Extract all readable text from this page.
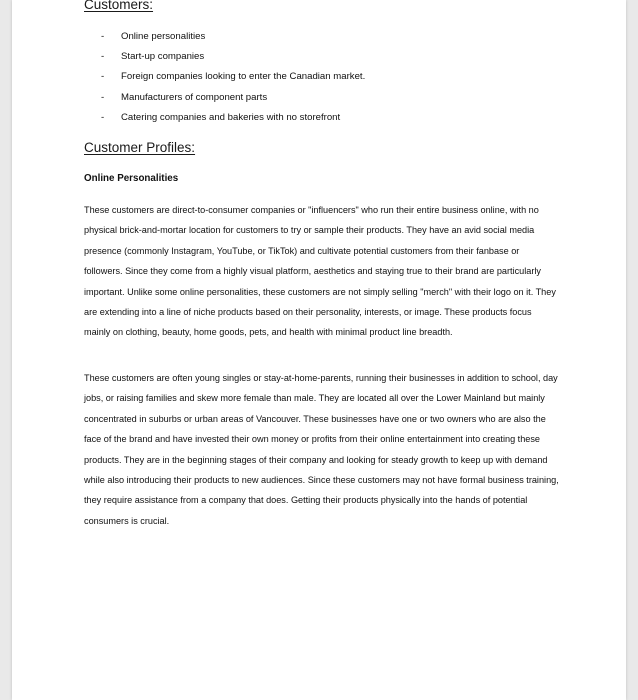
Customers:
- Online personalities
- Start-up companies
- Foreign companies looking to enter the Canadian market.
- Manufacturers of component parts
- Catering companies and bakeries with no storefront
Customer Profiles:
Online Personalities

These customers are direct-to-consumer companies or "influencers" who run their entire business online, with no physical brick-and-mortar location for customers to try or sample their products. They have an avid social media presence (commonly Instagram, YouTube, or TikTok) and cultivate potential customers from their fanbase or followers. Since they come from a highly visual platform, aesthetics and staying true to their brand are particularly important. Unlike some online personalities, these customers are not simply selling "merch" with their logo on it. They are extending into a line of niche products based on their personality, interests, or image. These products focus mainly on clothing, beauty, home goods, pets, and health with minimal product line breadth.

These customers are often young singles or stay-at-home-parents, running their businesses in addition to school, day jobs, or raising families and skew more female than male. They are located all over the Lower Mainland but mainly concentrated in suburbs or urban areas of Vancouver. These businesses have one or two owners who are also the face of the brand and have invested their own money or profits from their online entertainment into creating these products. They are in the beginning stages of their company and looking for steady growth to keep up with demand while also introducing their products to new audiences. Since these customers may not have formal business training, they require assistance from a company that does. Getting their products physically into the hands of potential consumers is crucial.
